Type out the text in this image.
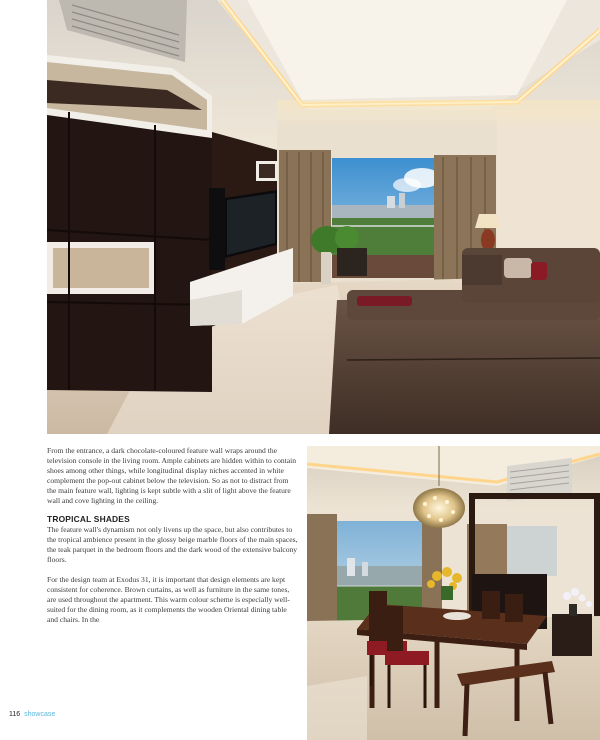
From the entrance, a dark chocolate-coloured feature wall wraps around the television console in the living room. Ample cabinets are hidden within to contain shoes among other things, while longitudinal display niches accented in white complement the pop-out cabinet below the television. So as not to distract from the main feature wall, lighting is kept subtle with a slit of light above the feature wall and cove lighting in the ceiling.

TROPICAL SHADES

The feature wall's dynamism not only livens up the space, but also contributes to the tropical ambience present in the glossy beige marble floors of the main spaces, the teak parquet in the bedroom floors and the dark wood of the extensive balcony floors.

For the design team at Exodus 31, it is important that design elements are kept consistent for coherence. Brown curtains, as well as furniture in the same tones, are used throughout the apartment. This warm colour scheme is especially well-suited for the dining room, as it complements the wooden Oriental dining table and chairs. In the

116 showcase
